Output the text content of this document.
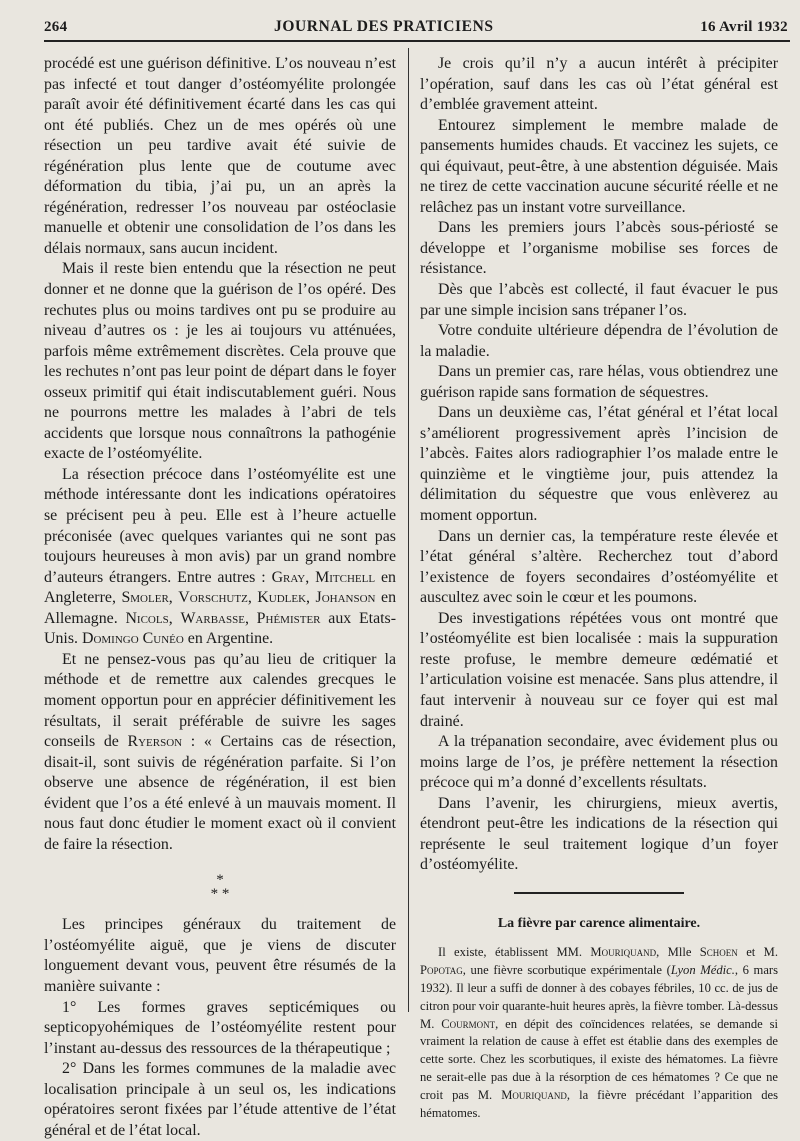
264	JOURNAL DES PRATICIENS	16 Avril 1932

procédé est une guérison définitive. L’os nouveau n’est pas infecté et tout danger d’ostéomyélite prolongée paraît avoir été définitivement écarté dans les cas qui ont été publiés. Chez un de mes opérés où une résection un peu tardive avait été suivie de régénération plus lente que de coutume avec déformation du tibia, j’ai pu, un an après la régénération, redresser l’os nouveau par ostéoclasie manuelle et obtenir une consolidation de l’os dans les délais normaux, sans aucun incident.

Mais il reste bien entendu que la résection ne peut donner et ne donne que la guérison de l’os opéré. Des rechutes plus ou moins tardives ont pu se produire au niveau d’autres os : je les ai toujours vu atténuées, parfois même extrêmement discrètes. Cela prouve que les rechutes n’ont pas leur point de départ dans le foyer osseux primitif qui était indiscutablement guéri. Nous ne pourrons mettre les malades à l’abri de tels accidents que lorsque nous connaîtrons la pathogénie exacte de l’ostéomyélite.

La résection précoce dans l’ostéomyélite est une méthode intéressante dont les indications opératoires se précisent peu à peu. Elle est à l’heure actuelle préconisée (avec quelques variantes qui ne sont pas toujours heureuses à mon avis) par un grand nombre d’auteurs étrangers. Entre autres : Gray, Mitchell en Angleterre, Smoler, Vorschutz, Kudlek, Johanson en Allemagne. Nicols, Warbasse, Phémister aux Etats-Unis. Domingo Cunéo en Argentine.

Et ne pensez-vous pas qu’au lieu de critiquer la méthode et de remettre aux calendes grecques le moment opportun pour en apprécier définitivement les résultats, il serait préférable de suivre les sages conseils de Ryerson : « Certains cas de résection, disait-il, sont suivis de régénération parfaite. Si l’on observe une absence de régénération, il est bien évident que l’os a été enlevé à un mauvais moment. Il nous faut donc étudier le moment exact où il convient de faire la résection.

*
* *

Les principes généraux du traitement de l’ostéomyélite aiguë, que je viens de discuter longuement devant vous, peuvent être résumés de la manière suivante :

1° Les formes graves septicémiques ou septicopyohémiques de l’ostéomyélite restent pour l’instant au-dessus des ressources de la thérapeutique ;

2° Dans les formes communes de la maladie avec localisation principale à un seul os, les indications opératoires seront fixées par l’étude attentive de l’état général et de l’état local.

Je crois qu’il n’y a aucun intérêt à précipiter l’opération, sauf dans les cas où l’état général est d’emblée gravement atteint.

Entourez simplement le membre malade de pansements humides chauds. Et vaccinez les sujets, ce qui équivaut, peut-être, à une abstention déguisée. Mais ne tirez de cette vaccination aucune sécurité réelle et ne relâchez pas un instant votre surveillance.

Dans les premiers jours l’abcès sous-périosté se développe et l’organisme mobilise ses forces de résistance.

Dès que l’abcès est collecté, il faut évacuer le pus par une simple incision sans trépaner l’os.

Votre conduite ultérieure dépendra de l’évolution de la maladie.

Dans un premier cas, rare hélas, vous obtiendrez une guérison rapide sans formation de séquestres.

Dans un deuxième cas, l’état général et l’état local s’améliorent progressivement après l’incision de l’abcès. Faites alors radiographier l’os malade entre le quinzième et le vingtième jour, puis attendez la délimitation du séquestre que vous enlèverez au moment opportun.

Dans un dernier cas, la température reste élevée et l’état général s’altère. Recherchez tout d’abord l’existence de foyers secondaires d’ostéomyélite et auscultez avec soin le cœur et les poumons.

Des investigations répétées vous ont montré que l’ostéomyélite est bien localisée : mais la suppuration reste profuse, le membre demeure œdématié et l’articulation voisine est menacée. Sans plus attendre, il faut intervenir à nouveau sur ce foyer qui est mal drainé.

A la trépanation secondaire, avec évidement plus ou moins large de l’os, je préfère nettement la résection précoce qui m’a donné d’excellents résultats.

Dans l’avenir, les chirurgiens, mieux avertis, étendront peut-être les indications de la résection qui représente le seul traitement logique d’un foyer d’ostéomyélite.

La fièvre par carence alimentaire.

Il existe, établissent MM. Mouriquand, Mlle Schoen et M. Popotag, une fièvre scorbutique expérimentale (Lyon Médic., 6 mars 1932). Il leur a suffi de donner à des cobayes fébriles, 10 cc. de jus de citron pour voir quarante-huit heures après, la fièvre tomber. Là-dessus M. Courmont, en dépit des coïncidences relatées, se demande si vraiment la relation de cause à effet est établie dans des exemples de cette sorte. Chez les scorbutiques, il existe des hématomes. La fièvre ne serait-elle pas due à la résorption de ces hématomes ? Ce que ne croit pas M. Mouriquand, la fièvre précédant l’apparition des hématomes.
